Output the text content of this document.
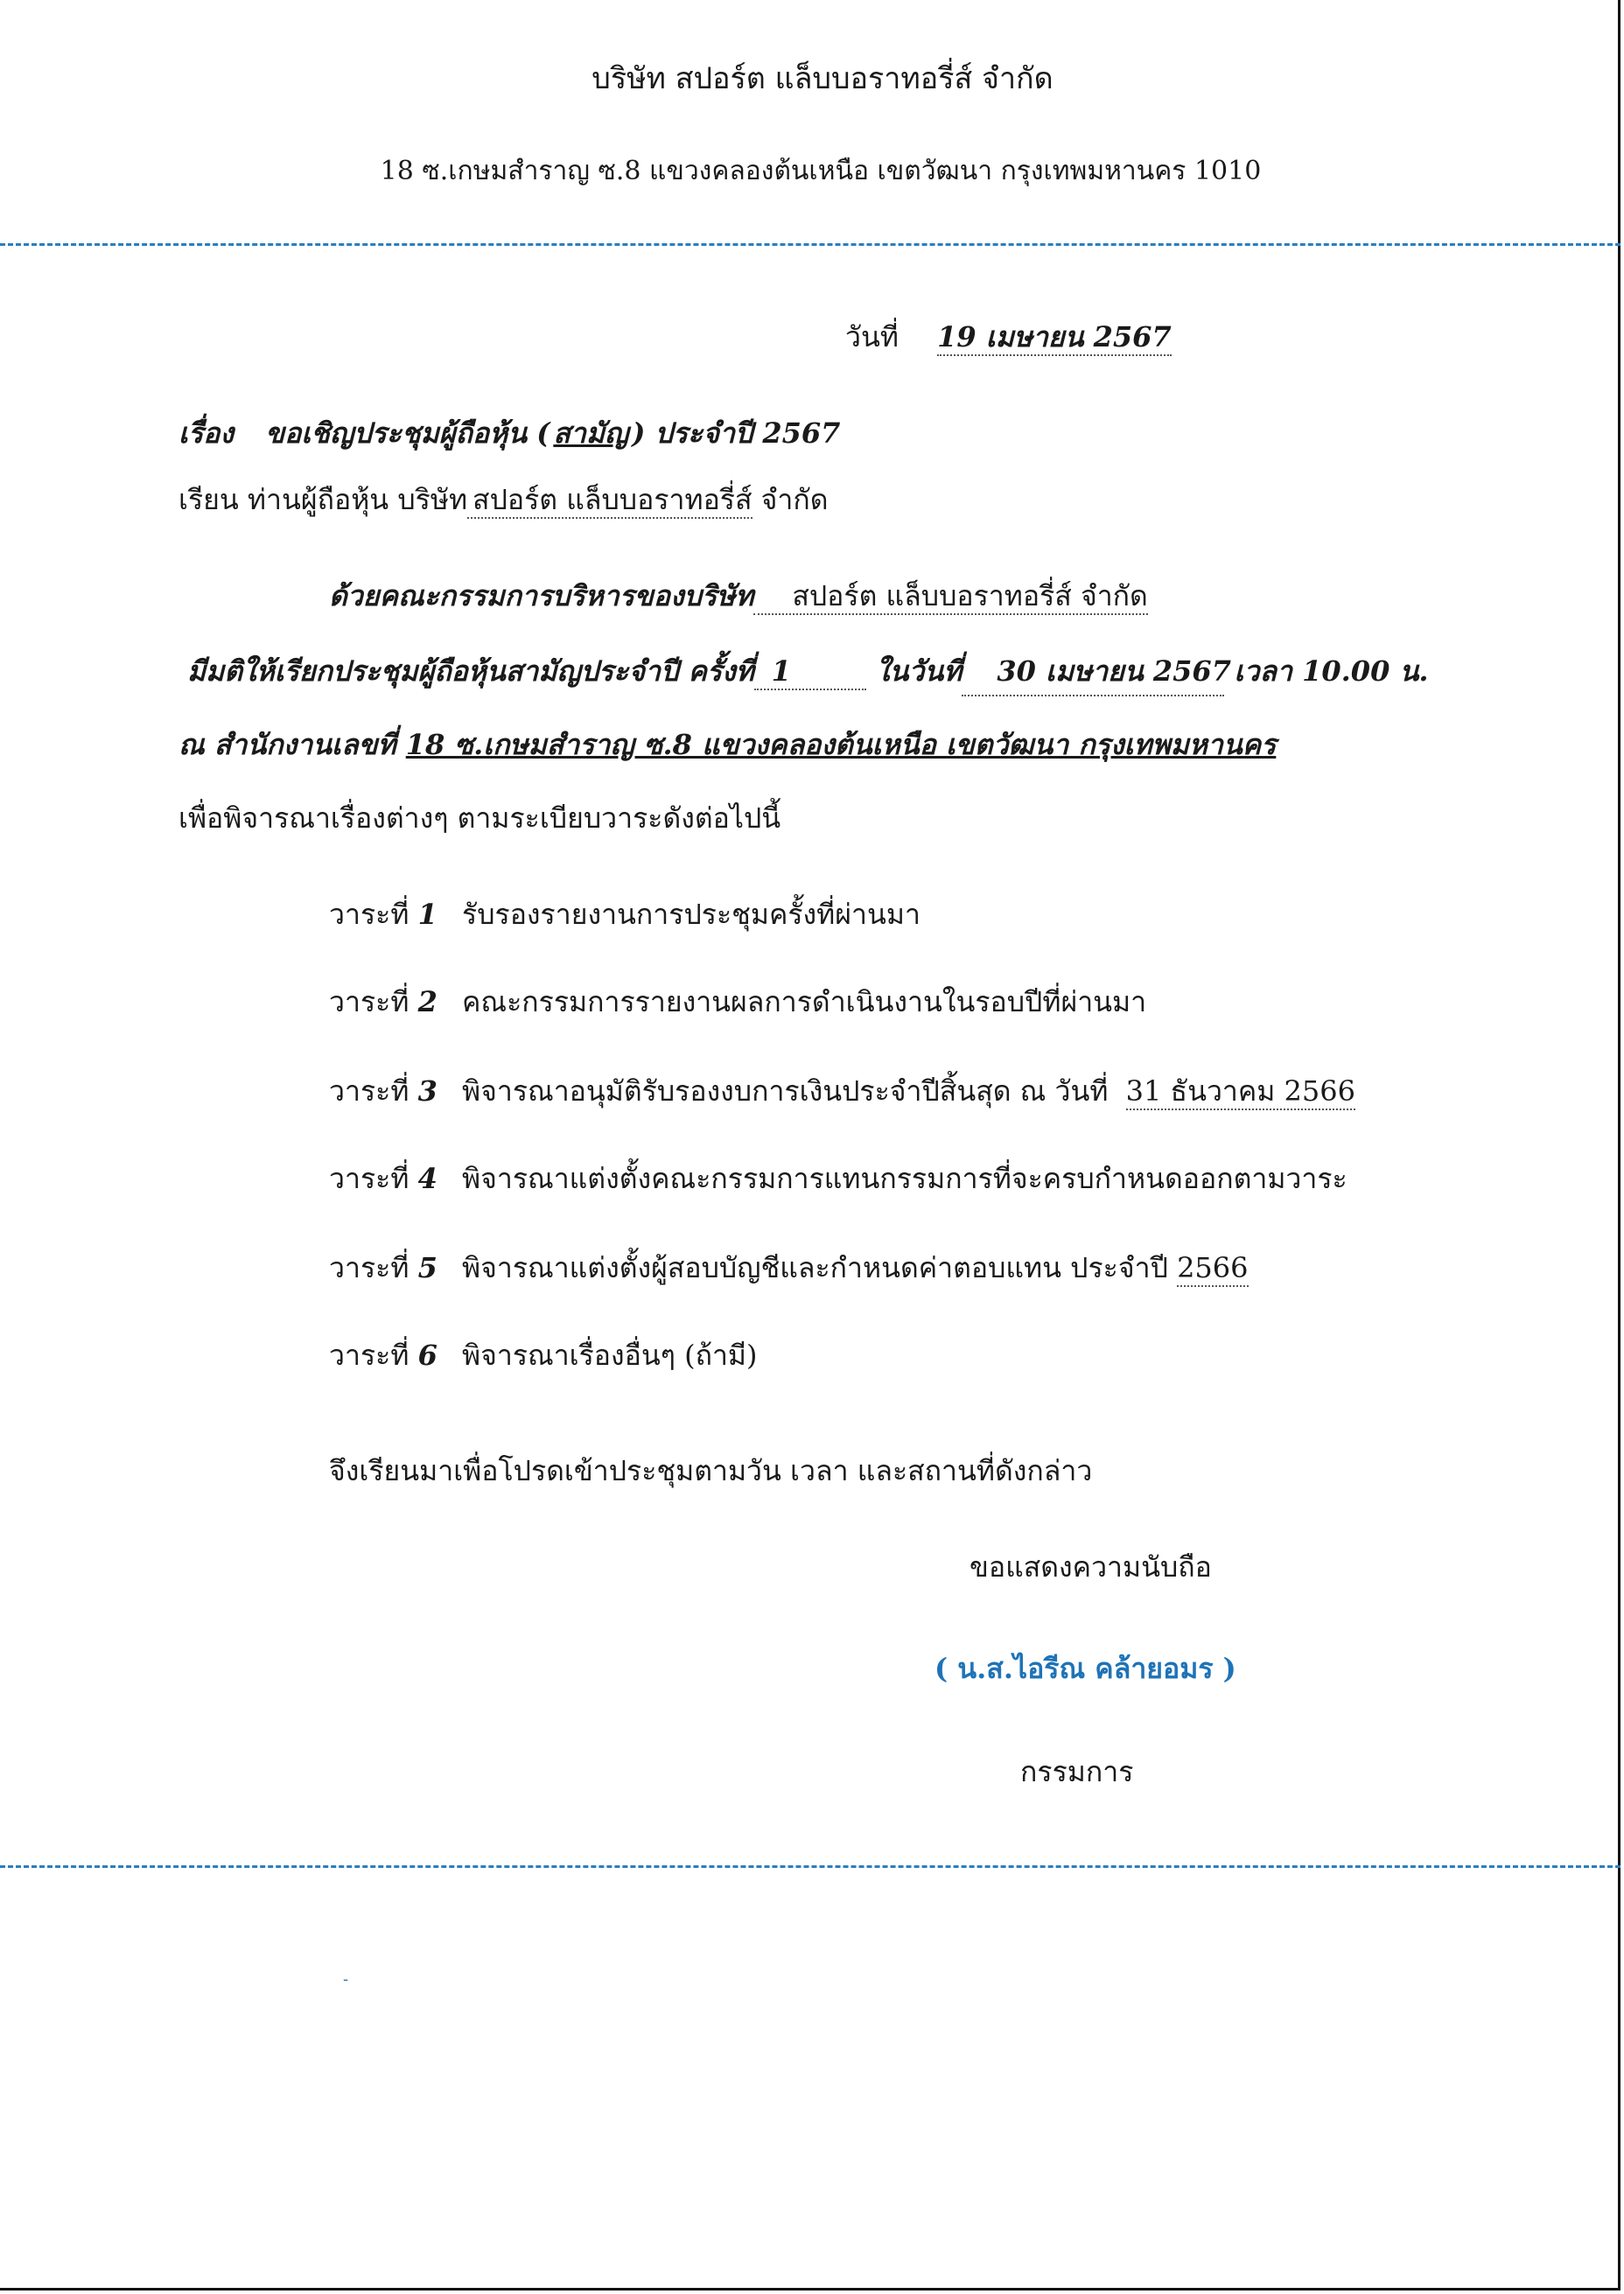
บริษัท สปอร์ต แล็บบอราทอรี่ส์ จำกัด
18 ซ.เกษมสำราญ ซ.8 แขวงคลองต้นเหนือ เขตวัฒนา กรุงเทพมหานคร 1010
วันที่ 19 เมษายน 2567
เรื่อง ขอเชิญประชุมผู้ถือหุ้น ( สามัญ ) ประจำปี 2567
เรียน ท่านผู้ถือหุ้น บริษัท สปอร์ต แล็บบอราทอรี่ส์ จำกัด
ด้วยคณะกรรมการบริหารของบริษัท สปอร์ต แล็บบอราทอรี่ส์ จำกัด
มีมติให้เรียกประชุมผู้ถือหุ้นสามัญประจำปี ครั้งที่ 1	ในวันที่ 30 เมษายน 2567 เวลา 10.00 น.
ณ สำนักงานเลขที่ 18 ซ.เกษมสำราญ ซ.8 แขวงคลองต้นเหนือ เขตวัฒนา กรุงเทพมหานคร
เพื่อพิจารณาเรื่องต่างๆ ตามระเบียบวาระดังต่อไปนี้
วาระที่ 1 รับรองรายงานการประชุมครั้งที่ผ่านมา
วาระที่ 2 คณะกรรมการรายงานผลการดำเนินงานในรอบปีที่ผ่านมา
วาระที่ 3 พิจารณาอนุมัติรับรองงบการเงินประจำปีสิ้นสุด ณ วันที่ 31 ธันวาคม 2566
วาระที่ 4 พิจารณาแต่งตั้งคณะกรรมการแทนกรรมการที่จะครบกำหนดออกตามวาระ
วาระที่ 5 พิจารณาแต่งตั้งผู้สอบบัญชีและกำหนดค่าตอบแทน ประจำปี 2566
วาระที่ 6 พิจารณาเรื่องอื่นๆ (ถ้ามี)
จึงเรียนมาเพื่อโปรดเข้าประชุมตามวัน เวลา และสถานที่ดังกล่าว
ขอแสดงความนับถือ
( น.ส.ไอรีณ คล้ายอมร )
กรรมการ
-
